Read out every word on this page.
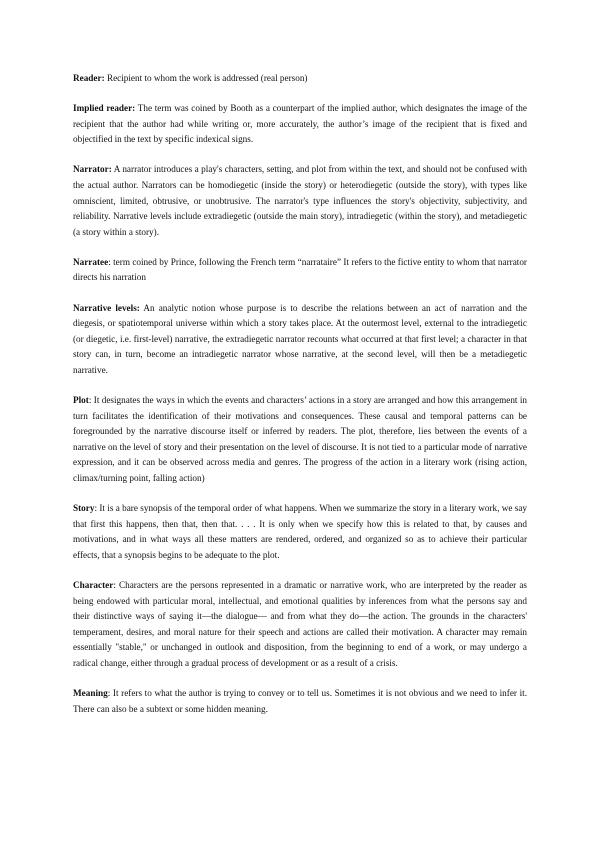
Reader: Recipient to whom the work is addressed (real person)

Implied reader: The term was coined by Booth as a counterpart of the implied author, which designates the image of the recipient that the author had while writing or, more accurately, the author’s image of the recipient that is fixed and objectified in the text by specific indexical signs.

Narrator: A narrator introduces a play's characters, setting, and plot from within the text, and should not be confused with the actual author. Narrators can be homodiegetic (inside the story) or heterodiegetic (outside the story), with types like omniscient, limited, obtrusive, or unobtrusive. The narrator's type influences the story's objectivity, subjectivity, and reliability. Narrative levels include extradiegetic (outside the main story), intradiegetic (within the story), and metadiegetic (a story within a story).

Narratee: term coined by Prince, following the French term “narrataire” It refers to the fictive entity to whom that narrator directs his narration

Narrative levels: An analytic notion whose purpose is to describe the relations between an act of narration and the diegesis, or spatiotemporal universe within which a story takes place. At the outermost level, external to the intradiegetic (or diegetic, i.e. first-level) narrative, the extradiegetic narrator recounts what occurred at that first level; a character in that story can, in turn, become an intradiegetic narrator whose narrative, at the second level, will then be a metadiegetic narrative.

Plot: It designates the ways in which the events and characters’ actions in a story are arranged and how this arrangement in turn facilitates the identification of their motivations and consequences. These causal and temporal patterns can be foregrounded by the narrative discourse itself or inferred by readers. The plot, therefore, lies between the events of a narrative on the level of story and their presentation on the level of discourse. It is not tied to a particular mode of narrative expression, and it can be observed across media and genres. The progress of the action in a literary work (rising action, climax/turning point, falling action)

Story: It is a bare synopsis of the temporal order of what happens. When we summarize the story in a literary work, we say that first this happens, then that, then that. . . . It is only when we specify how this is related to that, by causes and motivations, and in what ways all these matters are rendered, ordered, and organized so as to achieve their particular effects, that a synopsis begins to be adequate to the plot.

Character: Characters are the persons represented in a dramatic or narrative work, who are interpreted by the reader as being endowed with particular moral, intellectual, and emotional qualities by inferences from what the persons say and their distinctive ways of saying it—the dialogue— and from what they do—the action. The grounds in the characters' temperament, desires, and moral nature for their speech and actions are called their motivation. A character may remain essentially "stable," or unchanged in outlook and disposition, from the beginning to end of a work, or may undergo a radical change, either through a gradual process of development or as a result of a crisis.

Meaning: It refers to what the author is trying to convey or to tell us. Sometimes it is not obvious and we need to infer it. There can also be a subtext or some hidden meaning.
